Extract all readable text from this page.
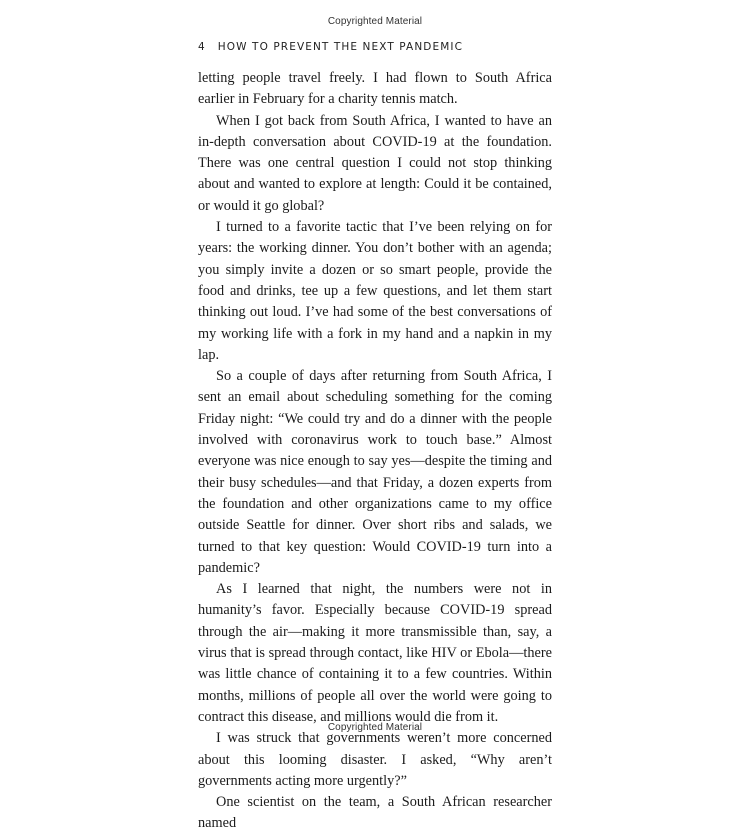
Copyrighted Material
4 HOW TO PREVENT THE NEXT PANDEMIC

letting people travel freely. I had flown to South Africa earlier in February for a charity tennis match.

When I got back from South Africa, I wanted to have an in-depth conversation about COVID-19 at the foundation. There was one central question I could not stop thinking about and wanted to explore at length: Could it be contained, or would it go global?

I turned to a favorite tactic that I’ve been relying on for years: the working dinner. You don’t bother with an agenda; you simply invite a dozen or so smart people, provide the food and drinks, tee up a few questions, and let them start thinking out loud. I’ve had some of the best conversations of my working life with a fork in my hand and a napkin in my lap.

So a couple of days after returning from South Africa, I sent an email about scheduling something for the coming Friday night: “We could try and do a dinner with the people involved with coronavirus work to touch base.” Almost everyone was nice enough to say yes—despite the timing and their busy schedules—and that Friday, a dozen experts from the foundation and other organizations came to my office outside Seattle for dinner. Over short ribs and salads, we turned to that key question: Would COVID-19 turn into a pandemic?

As I learned that night, the numbers were not in humanity’s favor. Especially because COVID-19 spread through the air—making it more transmissible than, say, a virus that is spread through contact, like HIV or Ebola—there was little chance of containing it to a few countries. Within months, millions of people all over the world were going to contract this disease, and millions would die from it.

I was struck that governments weren’t more concerned about this looming disaster. I asked, “Why aren’t governments acting more urgently?”

One scientist on the team, a South African researcher named

Copyrighted Material
